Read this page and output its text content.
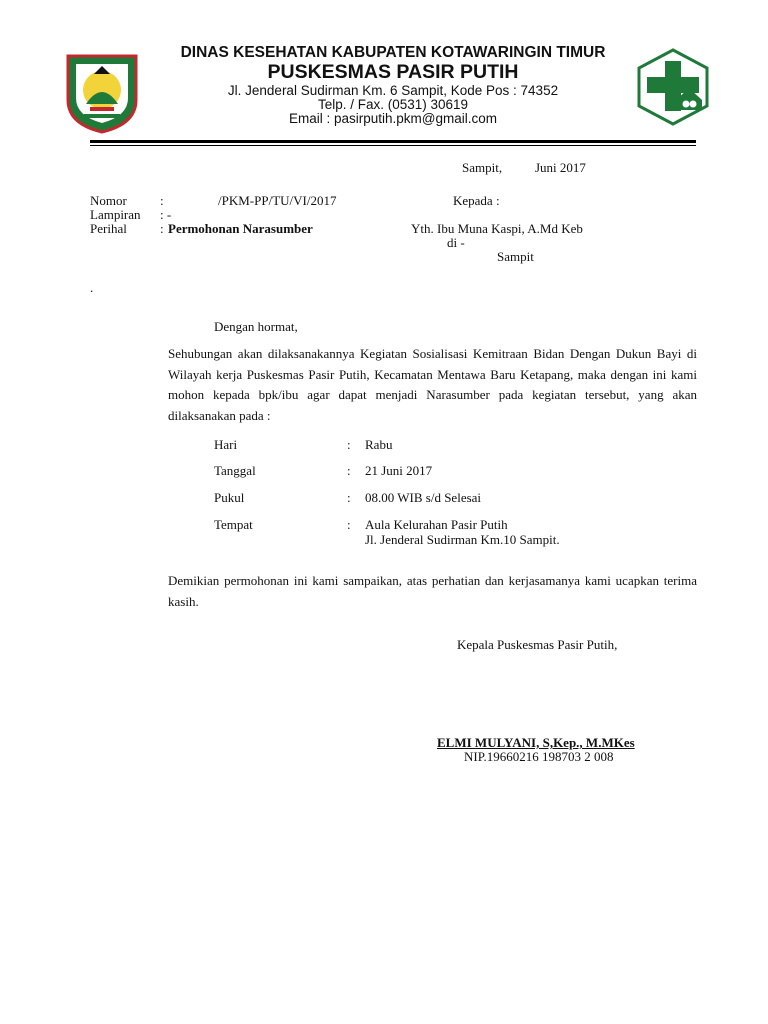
DINAS KESEHATAN KABUPATEN KOTAWARINGIN TIMUR
PUSKESMAS PASIR PUTIH
Jl. Jenderal Sudirman Km. 6 Sampit, Kode Pos : 74352
Telp. / Fax. (0531) 30619
Email : pasirputih.pkm@gmail.com
Sampit,	Juni 2017
Nomor	:	/PKM-PP/TU/VI/2017
Lampiran : -
Perihal	: Permohonan Narasumber
Kepada :
Yth. Ibu Muna Kaspi, A.Md Keb
di -
Sampit
.
Dengan hormat,
Sehubungan akan dilaksanakannya Kegiatan Sosialisasi Kemitraan Bidan Dengan Dukun Bayi di Wilayah kerja Puskesmas Pasir Putih, Kecamatan Mentawa Baru Ketapang, maka dengan ini kami mohon kepada bpk/ibu agar dapat menjadi Narasumber pada kegiatan tersebut, yang akan dilaksanakan pada :
Hari	: Rabu
Tanggal	: 21 Juni 2017
Pukul	: 08.00 WIB s/d Selesai
Tempat	: Aula Kelurahan Pasir Putih
Jl. Jenderal Sudirman Km.10 Sampit.
Demikian permohonan ini kami sampaikan, atas perhatian dan kerjasamanya kami ucapkan terima kasih.
Kepala Puskesmas Pasir Putih,
ELMI MULYANI, S,Kep., M.MKes
NIP.19660216 198703 2 008
